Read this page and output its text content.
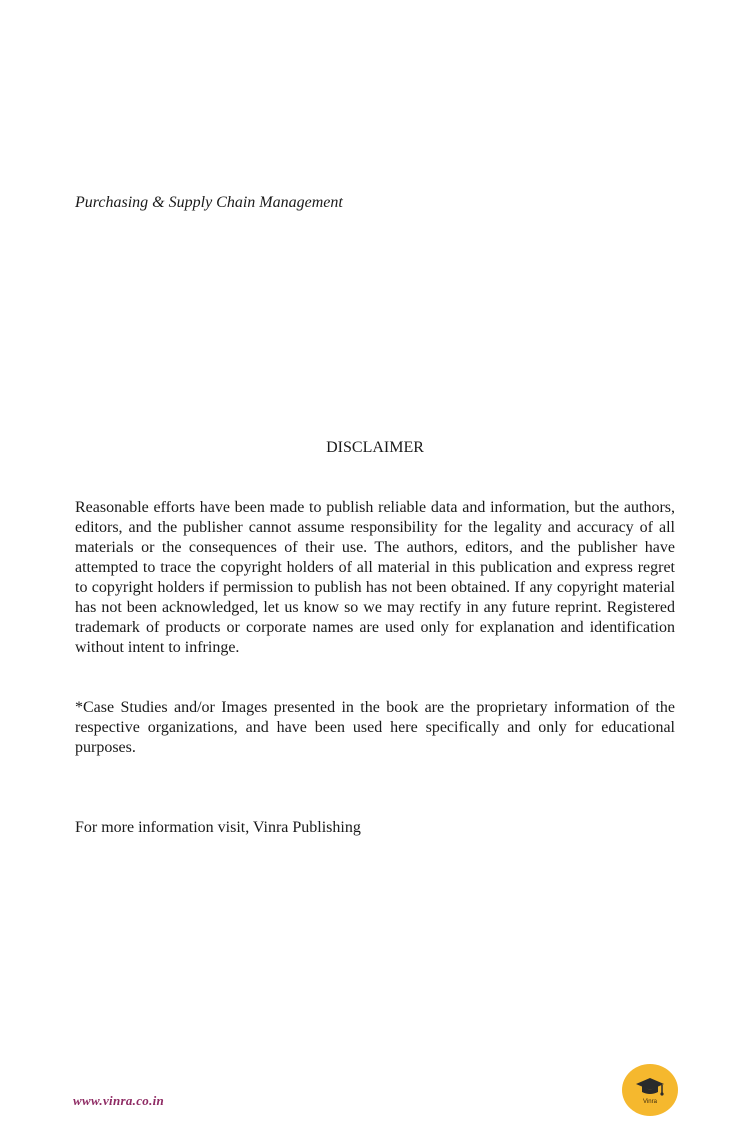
Purchasing & Supply Chain Management
DISCLAIMER

Reasonable efforts have been made to publish reliable data and information, but the authors, editors, and the publisher cannot assume responsibility for the legality and accuracy of all materials or the consequences of their use. The authors, editors, and the publisher have attempted to trace the copyright holders of all material in this publication and express regret to copyright holders if permission to publish has not been obtained. If any copyright material has not been acknowledged, let us know so we may rectify in any future reprint. Registered trademark of products or corporate names are used only for explanation and identification without intent to infringe.

*Case Studies and/or Images presented in the book are the proprietary information of the respective organizations, and have been used here specifically and only for educational purposes.

For more information visit, Vinra Publishing
www.vinra.co.in	Vinra
